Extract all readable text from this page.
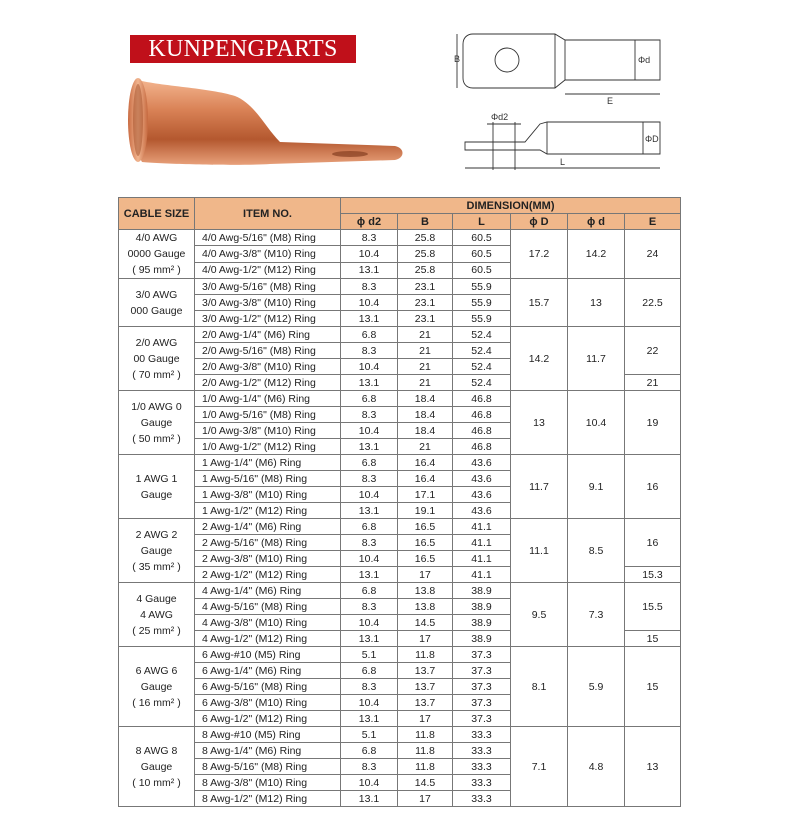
KUNPENGPARTS	B	Φd
E
Φd2
ΦD
L
CABLE SIZE	ITEM NO.	DIMENSION(MM)					
		ϕ d2	B	L	ϕ D	ϕ d	E

4/0 AWG
0000 Gauge
( 95 mm² )	4/0 Awg-5/16" (M8) Ring	8.3	25.8	60.5	17.2	14.2	24
	4/0 Awg-3/8" (M10) Ring	10.4	25.8	60.5			
	4/0 Awg-1/2" (M12) Ring	13.1	25.8	60.5			

3/0 AWG
000 Gauge	3/0 Awg-5/16" (M8) Ring	8.3	23.1	55.9	15.7	13	22.5
	3/0 Awg-3/8" (M10) Ring	10.4	23.1	55.9			
	3/0 Awg-1/2" (M12) Ring	13.1	23.1	55.9			

2/0 AWG
00 Gauge
( 70 mm² )	2/0 Awg-1/4" (M6) Ring	6.8	21	52.4	14.2	11.7	22
	2/0 Awg-5/16" (M8) Ring	8.3	21	52.4			
	2/0 Awg-3/8" (M10) Ring	10.4	21	52.4			
	2/0 Awg-1/2" (M12) Ring	13.1	21	52.4			21

1/0 AWG 0
Gauge
( 50 mm² )	1/0 Awg-1/4" (M6) Ring	6.8	18.4	46.8	13	10.4	19
	1/0 Awg-5/16" (M8) Ring	8.3	18.4	46.8			
	1/0 Awg-3/8" (M10) Ring	10.4	18.4	46.8			
	1/0 Awg-1/2" (M12) Ring	13.1	21	46.8			

1 AWG 1
Gauge	1 Awg-1/4" (M6) Ring	6.8	16.4	43.6	11.7	9.1	16
	1 Awg-5/16" (M8) Ring	8.3	16.4	43.6			
	1 Awg-3/8" (M10) Ring	10.4	17.1	43.6			
	1 Awg-1/2" (M12) Ring	13.1	19.1	43.6			

2 AWG 2
Gauge
( 35 mm² )	2 Awg-1/4" (M6) Ring	6.8	16.5	41.1	11.1	8.5	16
	2 Awg-5/16" (M8) Ring	8.3	16.5	41.1			
	2 Awg-3/8" (M10) Ring	10.4	16.5	41.1			
	2 Awg-1/2" (M12) Ring	13.1	17	41.1			15.3

4 Gauge
4 AWG
( 25 mm² )	4 Awg-1/4" (M6) Ring	6.8	13.8	38.9	9.5	7.3	15.5
	4 Awg-5/16" (M8) Ring	8.3	13.8	38.9			
	4 Awg-3/8" (M10) Ring	10.4	14.5	38.9			
	4 Awg-1/2" (M12) Ring	13.1	17	38.9			15

6 AWG 6
Gauge
( 16 mm² )	6 Awg-#10 (M5) Ring	5.1	11.8	37.3	8.1	5.9	15
	6 Awg-1/4" (M6) Ring	6.8	13.7	37.3			
	6 Awg-5/16" (M8) Ring	8.3	13.7	37.3			
	6 Awg-3/8" (M10) Ring	10.4	13.7	37.3			
	6 Awg-1/2" (M12) Ring	13.1	17	37.3			

8 AWG 8
Gauge
( 10 mm² )	8 Awg-#10 (M5) Ring	5.1	11.8	33.3	7.1	4.8	13
	8 Awg-1/4" (M6) Ring	6.8	11.8	33.3			
	8 Awg-5/16" (M8) Ring	8.3	11.8	33.3			
	8 Awg-3/8" (M10) Ring	10.4	14.5	33.3			
	8 Awg-1/2" (M12) Ring	13.1	17	33.3			
